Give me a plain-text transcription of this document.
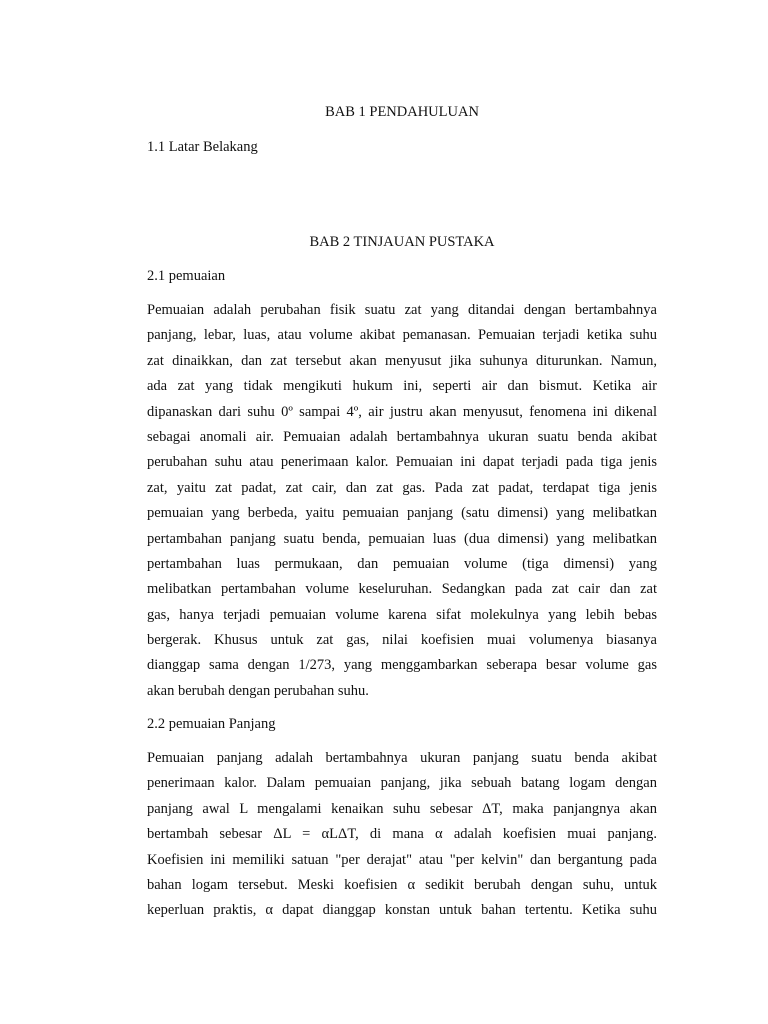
BAB 1 PENDAHULUAN
1.1 Latar Belakang
BAB 2 TINJAUAN PUSTAKA
2.1 pemuaian
Pemuaian adalah perubahan fisik suatu zat yang ditandai dengan bertambahnya
panjang, lebar, luas, atau volume akibat pemanasan. Pemuaian terjadi ketika suhu
zat dinaikkan, dan zat tersebut akan menyusut jika suhunya diturunkan. Namun,
ada zat yang tidak mengikuti hukum ini, seperti air dan bismut. Ketika air
dipanaskan dari suhu 0º sampai 4º, air justru akan menyusut, fenomena ini dikenal
sebagai anomali air. Pemuaian adalah bertambahnya ukuran suatu benda akibat
perubahan suhu atau penerimaan kalor. Pemuaian ini dapat terjadi pada tiga jenis
zat, yaitu zat padat, zat cair, dan zat gas. Pada zat padat, terdapat tiga jenis
pemuaian yang berbeda, yaitu pemuaian panjang (satu dimensi) yang melibatkan
pertambahan panjang suatu benda, pemuaian luas (dua dimensi) yang melibatkan
pertambahan luas permukaan, dan pemuaian volume (tiga dimensi) yang
melibatkan pertambahan volume keseluruhan. Sedangkan pada zat cair dan zat
gas, hanya terjadi pemuaian volume karena sifat molekulnya yang lebih bebas
bergerak. Khusus untuk zat gas, nilai koefisien muai volumenya biasanya
dianggap sama dengan 1/273, yang menggambarkan seberapa besar volume gas
akan berubah dengan perubahan suhu.
2.2 pemuaian Panjang
Pemuaian panjang adalah bertambahnya ukuran panjang suatu benda akibat
penerimaan kalor. Dalam pemuaian panjang, jika sebuah batang logam dengan
panjang awal L mengalami kenaikan suhu sebesar ΔT, maka panjangnya akan
bertambah sebesar ΔL = αLΔT, di mana α adalah koefisien muai panjang.
Koefisien ini memiliki satuan "per derajat" atau "per kelvin" dan bergantung pada
bahan logam tersebut. Meski koefisien α sedikit berubah dengan suhu, untuk
keperluan praktis, α dapat dianggap konstan untuk bahan tertentu. Ketika suhu
